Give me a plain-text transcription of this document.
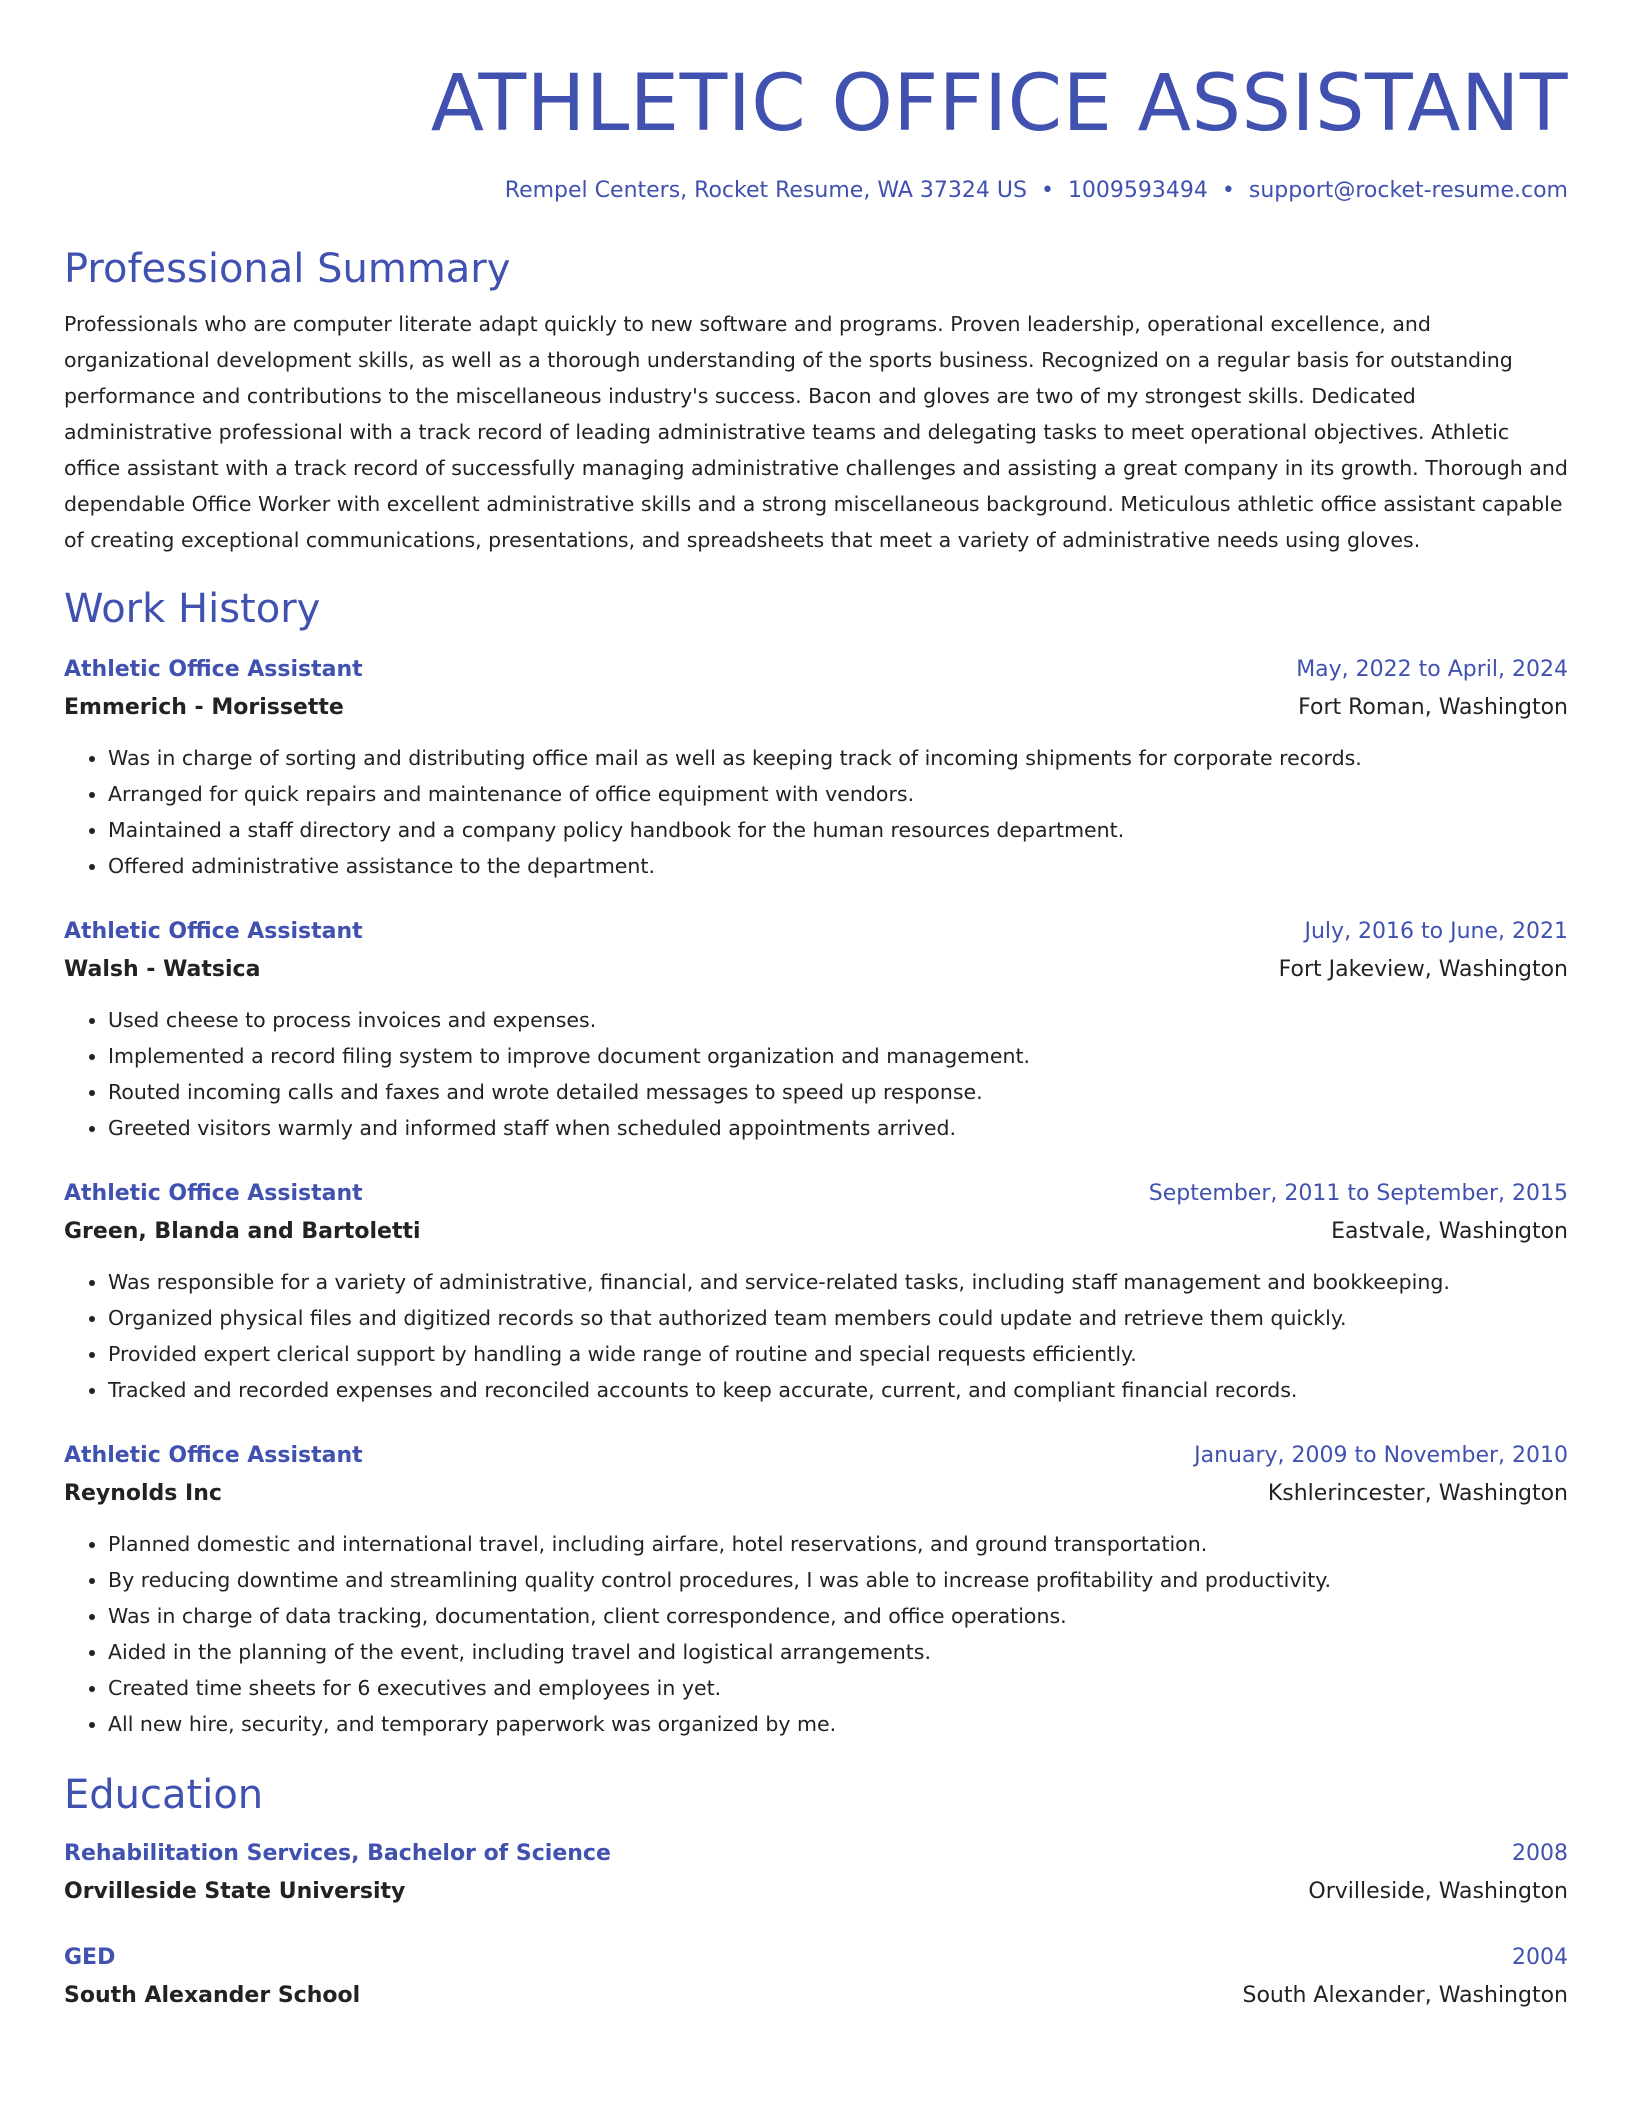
ATHLETIC OFFICE ASSISTANT
Rempel Centers, Rocket Resume, WA 37324 US • 1009593494 • support@rocket-resume.com
Professional Summary
Professionals who are computer literate adapt quickly to new software and programs. Proven leadership, operational excellence, and organizational development skills, as well as a thorough understanding of the sports business. Recognized on a regular basis for outstanding performance and contributions to the miscellaneous industry's success. Bacon and gloves are two of my strongest skills. Dedicated administrative professional with a track record of leading administrative teams and delegating tasks to meet operational objectives. Athletic office assistant with a track record of successfully managing administrative challenges and assisting a great company in its growth. Thorough and dependable Office Worker with excellent administrative skills and a strong miscellaneous background. Meticulous athletic office assistant capable of creating exceptional communications, presentations, and spreadsheets that meet a variety of administrative needs using gloves.
Work History
Athletic Office Assistant	May, 2022 to April, 2024
Emmerich - Morissette	Fort Roman, Washington
• Was in charge of sorting and distributing office mail as well as keeping track of incoming shipments for corporate records.
• Arranged for quick repairs and maintenance of office equipment with vendors.
• Maintained a staff directory and a company policy handbook for the human resources department.
• Offered administrative assistance to the department.
Athletic Office Assistant	July, 2016 to June, 2021
Walsh - Watsica	Fort Jakeview, Washington
• Used cheese to process invoices and expenses.
• Implemented a record filing system to improve document organization and management.
• Routed incoming calls and faxes and wrote detailed messages to speed up response.
• Greeted visitors warmly and informed staff when scheduled appointments arrived.
Athletic Office Assistant	September, 2011 to September, 2015
Green, Blanda and Bartoletti	Eastvale, Washington
• Was responsible for a variety of administrative, financial, and service-related tasks, including staff management and bookkeeping.
• Organized physical files and digitized records so that authorized team members could update and retrieve them quickly.
• Provided expert clerical support by handling a wide range of routine and special requests efficiently.
• Tracked and recorded expenses and reconciled accounts to keep accurate, current, and compliant financial records.
Athletic Office Assistant	January, 2009 to November, 2010
Reynolds Inc	Kshlerincester, Washington
• Planned domestic and international travel, including airfare, hotel reservations, and ground transportation.
• By reducing downtime and streamlining quality control procedures, I was able to increase profitability and productivity.
• Was in charge of data tracking, documentation, client correspondence, and office operations.
• Aided in the planning of the event, including travel and logistical arrangements.
• Created time sheets for 6 executives and employees in yet.
• All new hire, security, and temporary paperwork was organized by me.
Education
Rehabilitation Services, Bachelor of Science	2008
Orvilleside State University	Orvilleside, Washington
GED	2004
South Alexander School	South Alexander, Washington
